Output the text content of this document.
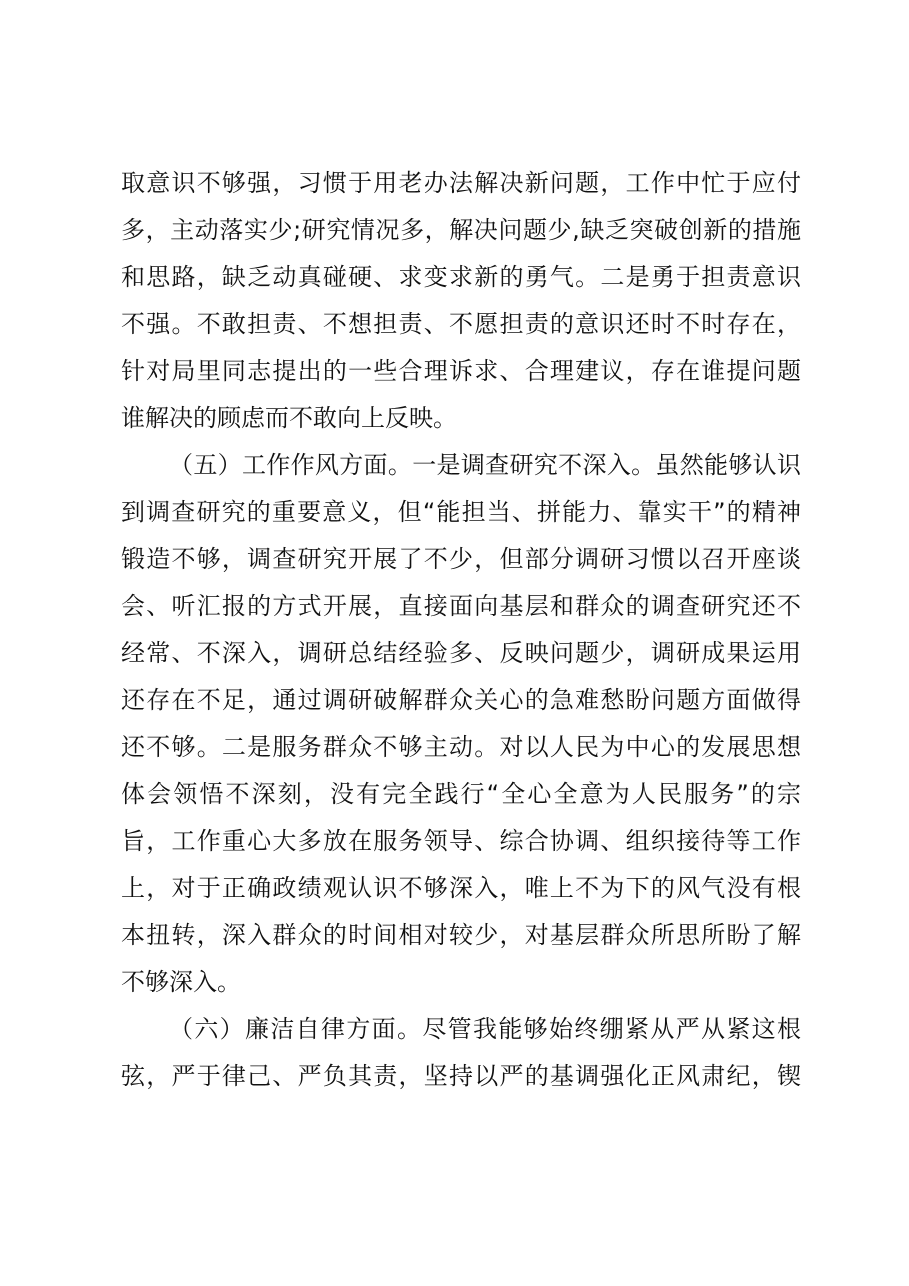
取意识不够强，习惯于用老办法解决新问题，工作中忙于应付
多，主动落实少;研究情况多，解决问题少,缺乏突破创新的措施
和思路，缺乏动真碰硬、求变求新的勇气。二是勇于担责意识
不强。不敢担责、不想担责、不愿担责的意识还时不时存在，
针对局里同志提出的一些合理诉求、合理建议，存在谁提问题
谁解决的顾虑而不敢向上反映。
（五）工作作风方面。一是调查研究不深入。虽然能够认识
到调查研究的重要意义，但“能担当、拼能力、靠实干”的精神
锻造不够，调查研究开展了不少，但部分调研习惯以召开座谈
会、听汇报的方式开展，直接面向基层和群众的调查研究还不
经常、不深入，调研总结经验多、反映问题少，调研成果运用
还存在不足，通过调研破解群众关心的急难愁盼问题方面做得
还不够。二是服务群众不够主动。对以人民为中心的发展思想
体会领悟不深刻，没有完全践行“全心全意为人民服务”的宗
旨，工作重心大多放在服务领导、综合协调、组织接待等工作
上，对于正确政绩观认识不够深入，唯上不为下的风气没有根
本扭转，深入群众的时间相对较少，对基层群众所思所盼了解
不够深入。
（六）廉洁自律方面。尽管我能够始终绷紧从严从紧这根
弦，严于律己、严负其责，坚持以严的基调强化正风肃纪，锲
